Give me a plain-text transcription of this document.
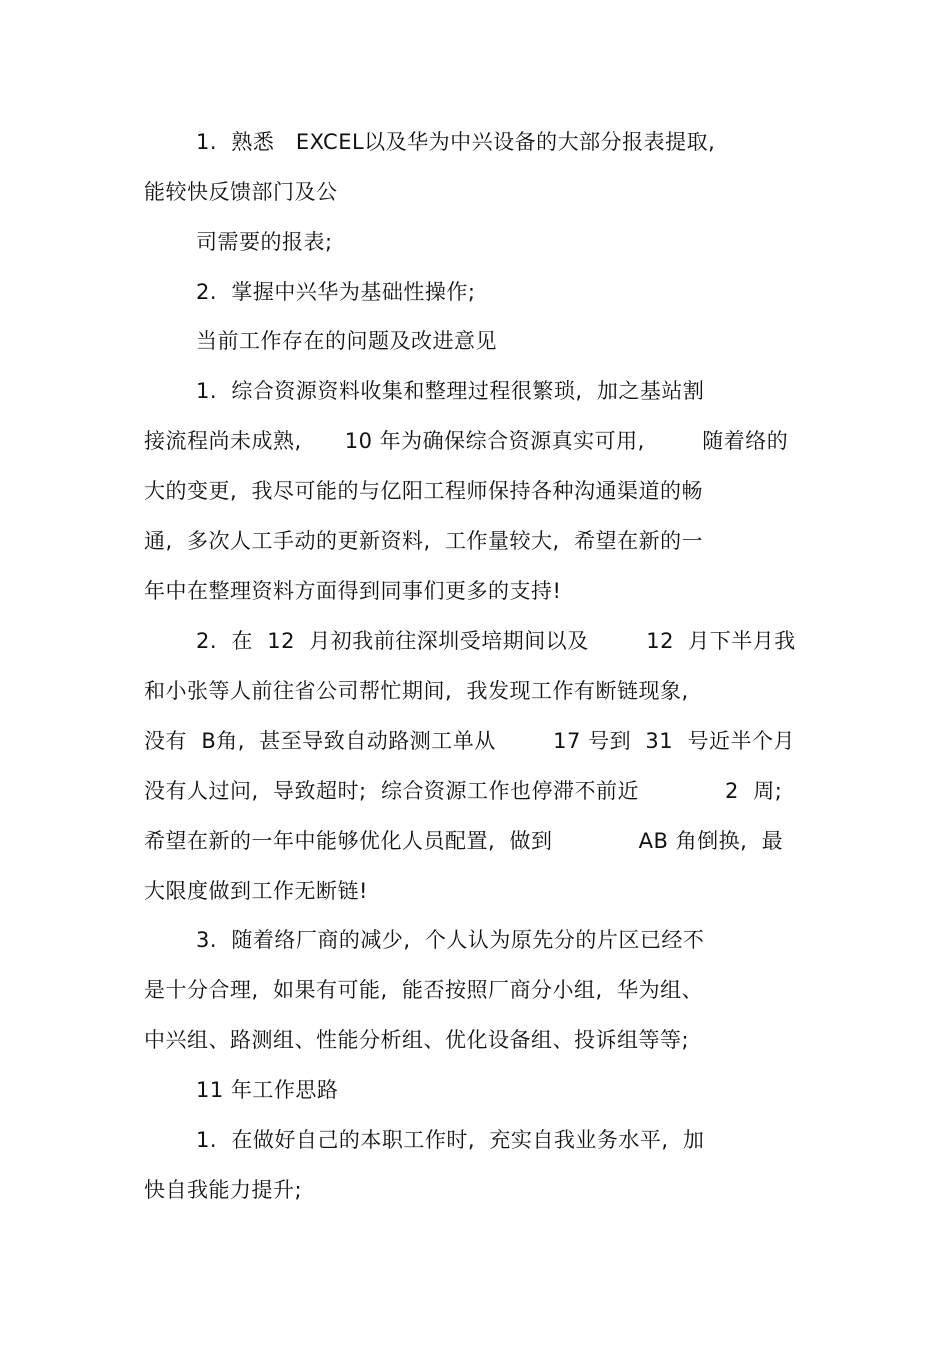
1.  熟悉   EXCEL以及华为中兴设备的大部分报表提取,
能较快反馈部门及公
司需要的报表;
2.  掌握中兴华为基础性操作;
当前工作存在的问题及改进意见
1.  综合资源资料收集和整理过程很繁琐,  加之基站割
接流程尚未成熟,      10 年为确保综合资源真实可用,        随着络的
大的变更,  我尽可能的与亿阳工程师保持各种沟通渠道的畅
通,  多次人工手动的更新资料,  工作量较大,  希望在新的一
年中在整理资料方面得到同事们更多的支持!
2.  在  12  月初我前往深圳受培期间以及        12  月下半月我
和小张等人前往省公司帮忙期间,  我发现工作有断链现象,
没有  B角,  甚至导致自动路测工单从        17 号到  31  号近半个月
没有人过问,  导致超时;  综合资源工作也停滞不前近            2  周;
希望在新的一年中能够优化人员配置,  做到            AB 角倒换,  最
大限度做到工作无断链!
3.  随着络厂商的减少,  个人认为原先分的片区已经不
是十分合理,  如果有可能,  能否按照厂商分小组,  华为组、
中兴组、路测组、性能分析组、优化设备组、投诉组等等;
11 年工作思路
1.  在做好自己的本职工作时,  充实自我业务水平,  加
快自我能力提升;
